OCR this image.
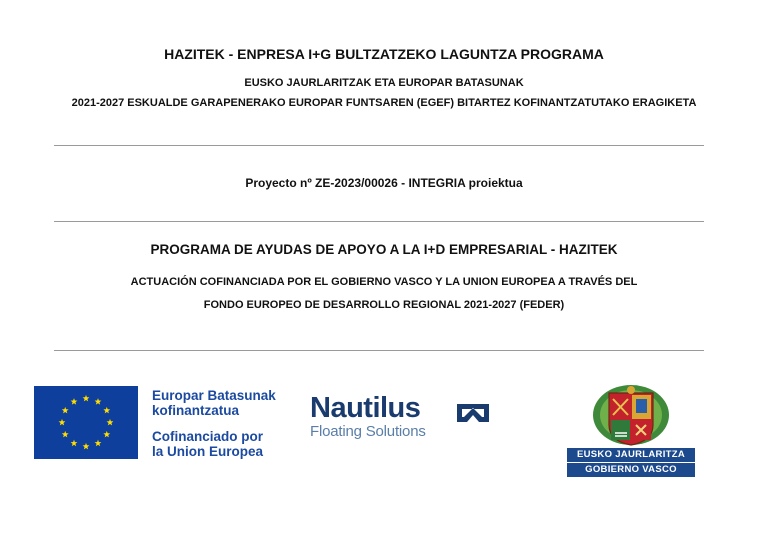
HAZITEK - ENPRESA I+G BULTZATZEKO LAGUNTZA PROGRAMA
EUSKO JAURLARITZAK ETA EUROPAR BATASUNAK
2021-2027 ESKUALDE GARAPENERAKO EUROPAR FUNTSAREN (EGEF) BITARTEZ KOFINANTZATUTAKO ERAGIKETA
Proyecto nº ZE-2023/00026 - INTEGRIA proiektua
PROGRAMA DE AYUDAS DE APOYO A LA I+D EMPRESARIAL - HAZITEK
ACTUACIÓN COFINANCIADA POR EL GOBIERNO VASCO Y LA UNION EUROPEA A TRAVÉS DEL
FONDO EUROPEO DE DESARROLLO REGIONAL 2021-2027 (FEDER)
Europar Batasunak
kofinantzatua
Cofinanciado por
la Union Europea
Nautilus
Floating Solutions
EUSKO JAURLARITZA
GOBIERNO VASCO
